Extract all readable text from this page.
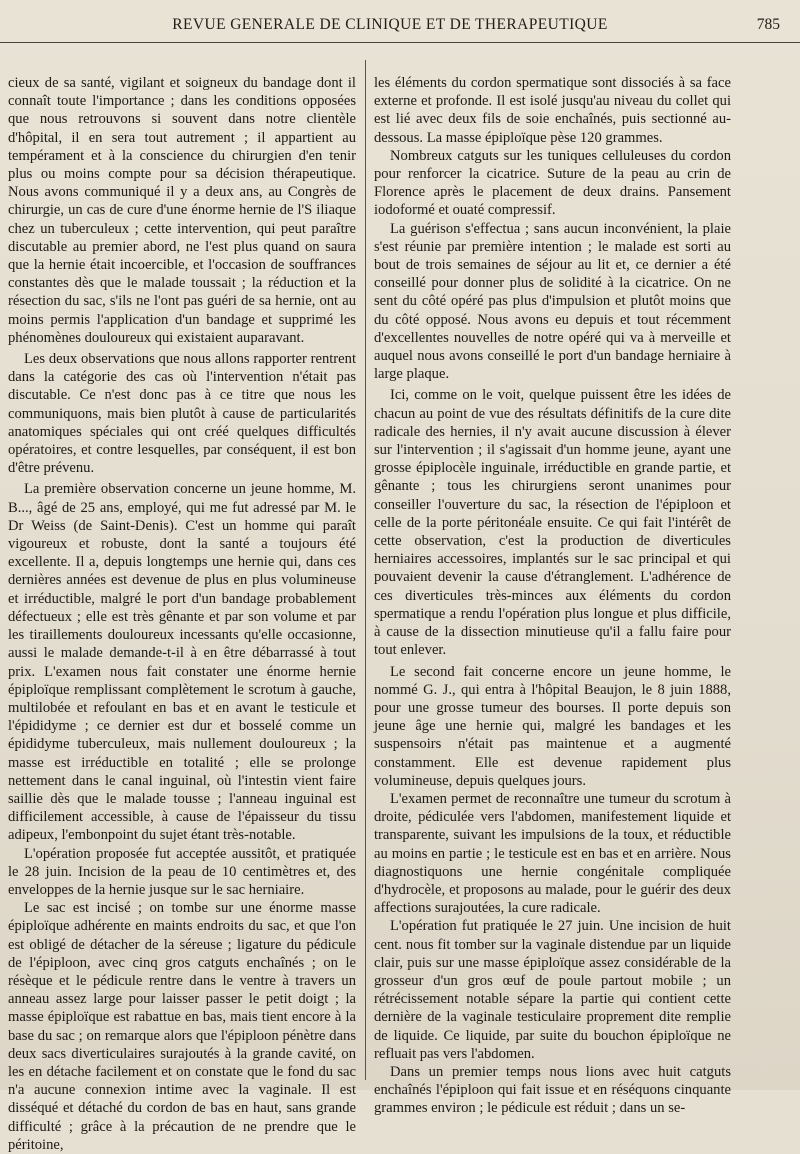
REVUE GENERALE DE CLINIQUE ET DE THERAPEUTIQUE	785

cieux de sa santé, vigilant et soigneux du bandage dont il connaît toute l'importance ; dans les conditions opposées que nous retrouvons si souvent dans notre clientèle d'hôpital, il en sera tout autrement ; il appartient au tempérament et à la conscience du chirurgien d'en tenir plus ou moins compte pour sa décision thérapeutique. Nous avons communiqué il y a deux ans, au Congrès de chirurgie, un cas de cure d'une énorme hernie de l'S iliaque chez un tuberculeux ; cette intervention, qui peut paraître discutable au premier abord, ne l'est plus quand on saura que la hernie était incoercible, et l'occasion de souffrances constantes dès que le malade toussait ; la réduction et la résection du sac, s'ils ne l'ont pas guéri de sa hernie, ont au moins permis l'application d'un bandage et supprimé les phénomènes douloureux qui existaient auparavant.

Les deux observations que nous allons rapporter rentrent dans la catégorie des cas où l'intervention n'était pas discutable. Ce n'est donc pas à ce titre que nous les communiquons, mais bien plutôt à cause de particularités anatomiques spéciales qui ont créé quelques difficultés opératoires, et contre lesquelles, par conséquent, il est bon d'être prévenu.

La première observation concerne un jeune homme, M. B..., âgé de 25 ans, employé, qui me fut adressé par M. le Dr Weiss (de Saint-Denis). C'est un homme qui paraît vigoureux et robuste, dont la santé a toujours été excellente. Il a, depuis longtemps une hernie qui, dans ces dernières années est devenue de plus en plus volumineuse et irréductible, malgré le port d'un bandage probablement défectueux ; elle est très gênante et par son volume et par les tiraillements douloureux incessants qu'elle occasionne, aussi le malade demande-t-il à en être débarrassé à tout prix. L'examen nous fait constater une énorme hernie épiploïque remplissant complètement le scrotum à gauche, multilobée et refoulant en bas et en avant le testicule et l'épididyme ; ce dernier est dur et bosselé comme un épididyme tuberculeux, mais nullement douloureux ; la masse est irréductible en totalité ; elle se prolonge nettement dans le canal inguinal, où l'intestin vient faire saillie dès que le malade tousse ; l'anneau inguinal est difficilement accessible, à cause de l'épaisseur du tissu adipeux, l'embonpoint du sujet étant très-notable.

L'opération proposée fut acceptée aussitôt, et pratiquée le 28 juin. Incision de la peau de 10 centimètres et, des enveloppes de la hernie jusque sur le sac herniaire.

Le sac est incisé ; on tombe sur une énorme masse épiploïque adhérente en maints endroits du sac, et que l'on est obligé de détacher de la séreuse ; ligature du pédicule de l'épiploon, avec cinq gros catguts enchaînés ; on le résèque et le pédicule rentre dans le ventre à travers un anneau assez large pour laisser passer le petit doigt ; la masse épiploïque est rabattue en bas, mais tient encore à la base du sac ; on remarque alors que l'épiploon pénètre dans deux sacs diverticulaires surajoutés à la grande cavité, on les en détache facilement et on constate que le fond du sac n'a aucune connexion intime avec la vaginale. Il est disséqué et détaché du cordon de bas en haut, sans grande difficulté ; grâce à la précaution de ne prendre que le péritoine,

les éléments du cordon spermatique sont dissociés à sa face externe et profonde. Il est isolé jusqu'au niveau du collet qui est lié avec deux fils de soie enchaînés, puis sectionné au-dessous. La masse épiploïque pèse 120 grammes.

Nombreux catguts sur les tuniques celluleuses du cordon pour renforcer la cicatrice. Suture de la peau au crin de Florence après le placement de deux drains. Pansement iodoformé et ouaté compressif.

La guérison s'effectua ; sans aucun inconvénient, la plaie s'est réunie par première intention ; le malade est sorti au bout de trois semaines de séjour au lit et, ce dernier a été conseillé pour donner plus de solidité à la cicatrice. On ne sent du côté opéré pas plus d'impulsion et plutôt moins que du côté opposé. Nous avons eu depuis et tout récemment d'excellentes nouvelles de notre opéré qui va à merveille et auquel nous avons conseillé le port d'un bandage herniaire à large plaque.

Ici, comme on le voit, quelque puissent être les idées de chacun au point de vue des résultats définitifs de la cure dite radicale des hernies, il n'y avait aucune discussion à élever sur l'intervention ; il s'agissait d'un homme jeune, ayant une grosse épiplocèle inguinale, irréductible en grande partie, et gênante ; tous les chirurgiens seront unanimes pour conseiller l'ouverture du sac, la résection de l'épiploon et celle de la porte péritonéale ensuite. Ce qui fait l'intérêt de cette observation, c'est la production de diverticules herniaires accessoires, implantés sur le sac principal et qui pouvaient devenir la cause d'étranglement. L'adhérence de ces diverticules très-minces aux éléments du cordon spermatique a rendu l'opération plus longue et plus difficile, à cause de la dissection minutieuse qu'il a fallu faire pour tout enlever.

Le second fait concerne encore un jeune homme, le nommé G. J., qui entra à l'hôpital Beaujon, le 8 juin 1888, pour une grosse tumeur des bourses. Il porte depuis son jeune âge une hernie qui, malgré les bandages et les suspensoirs n'était pas maintenue et a augmenté constamment. Elle est devenue rapidement plus volumineuse, depuis quelques jours.

L'examen permet de reconnaître une tumeur du scrotum à droite, pédiculée vers l'abdomen, manifestement liquide et transparente, suivant les impulsions de la toux, et réductible au moins en partie ; le testicule est en bas et en arrière. Nous diagnostiquons une hernie congénitale compliquée d'hydrocèle, et proposons au malade, pour le guérir des deux affections surajoutées, la cure radicale.

L'opération fut pratiquée le 27 juin. Une incision de huit cent. nous fit tomber sur la vaginale distendue par un liquide clair, puis sur une masse épiploïque assez considérable de la grosseur d'un gros œuf de poule partout mobile ; un rétrécissement notable sépare la partie qui contient cette dernière de la vaginale testiculaire proprement dite remplie de liquide. Ce liquide, par suite du bouchon épiploïque ne refluait pas vers l'abdomen.

Dans un premier temps nous lions avec huit catguts enchaînés l'épiploon qui fait issue et en réséquons cinquante grammes environ ; le pédicule est réduit ; dans un se-
